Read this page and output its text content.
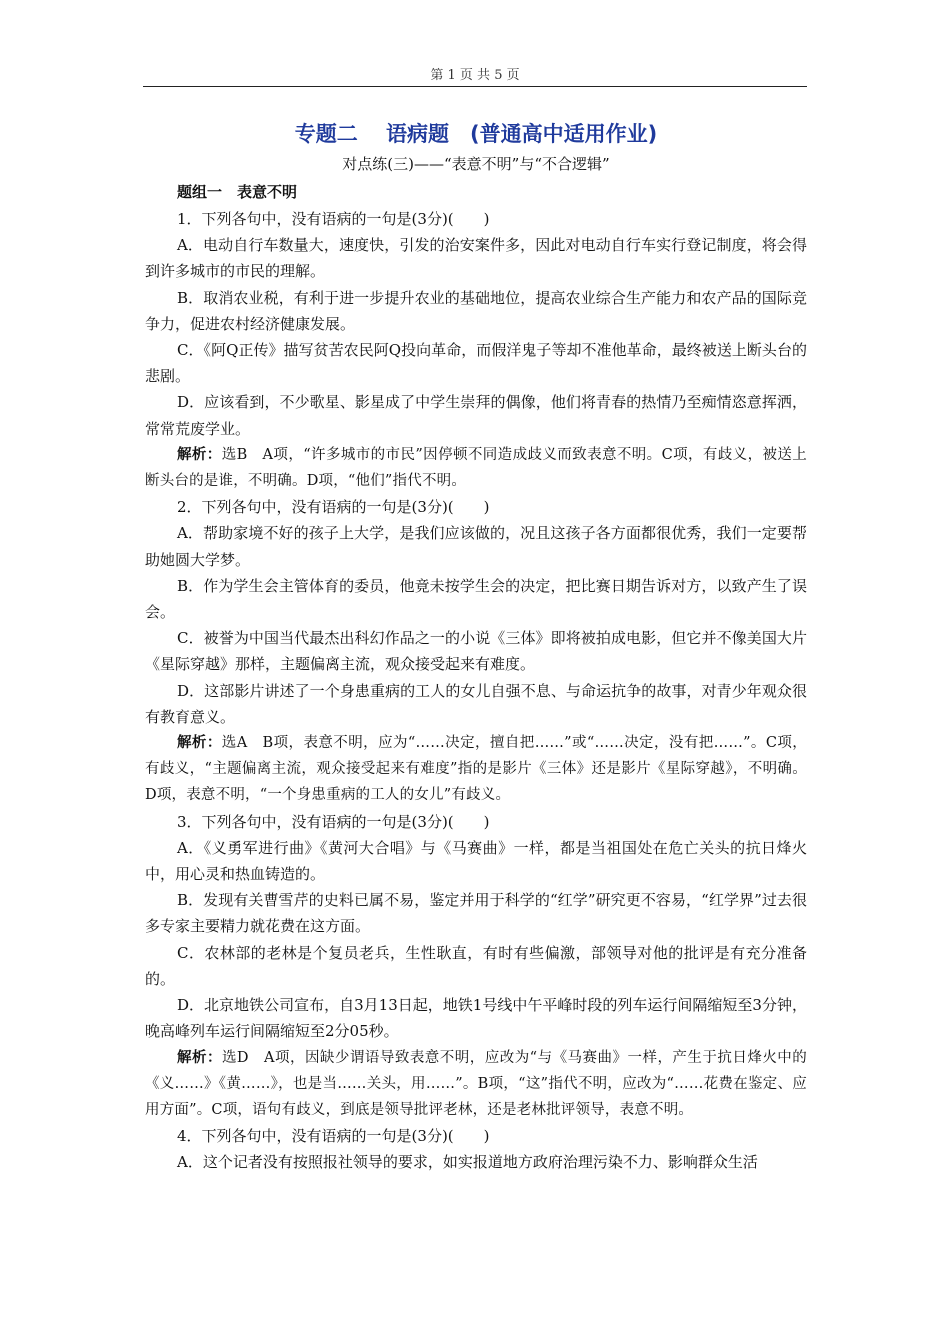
第 1 页 共 5 页
专题二　 语病题　(普通高中适用作业)
对点练(三)——“表意不明”与“不合逻辑”
题组一　表意不明

1．下列各句中，没有语病的一句是(3分)(　　)

A．电动自行车数量大，速度快，引发的治安案件多，因此对电动自行车实行登记制度，将会得到许多城市的市民的理解。

B．取消农业税，有利于进一步提升农业的基础地位，提高农业综合生产能力和农产品的国际竞争力，促进农村经济健康发展。

C．《阿Q正传》描写贫苦农民阿Q投向革命，而假洋鬼子等却不准他革命，最终被送上断头台的悲剧。

D．应该看到，不少歌星、影星成了中学生崇拜的偶像，他们将青春的热情乃至痴情恣意挥洒，常常荒废学业。

解析：选B　A项，“许多城市的市民”因停顿不同造成歧义而致表意不明。C项，有歧义，被送上断头台的是谁，不明确。D项，“他们”指代不明。

2．下列各句中，没有语病的一句是(3分)(　　)

A．帮助家境不好的孩子上大学，是我们应该做的，况且这孩子各方面都很优秀，我们一定要帮助她圆大学梦。

B．作为学生会主管体育的委员，他竟未按学生会的决定，把比赛日期告诉对方，以致产生了误会。

C．被誉为中国当代最杰出科幻作品之一的小说《三体》即将被拍成电影，但它并不像美国大片《星际穿越》那样，主题偏离主流，观众接受起来有难度。

D．这部影片讲述了一个身患重病的工人的女儿自强不息、与命运抗争的故事，对青少年观众很有教育意义。

解析：选A　B项，表意不明，应为“……决定，擅自把……”或“……决定，没有把……”。C项，有歧义，“主题偏离主流，观众接受起来有难度”指的是影片《三体》还是影片《星际穿越》，不明确。D项，表意不明，“一个身患重病的工人的女儿”有歧义。

3．下列各句中，没有语病的一句是(3分)(　　)

A．《义勇军进行曲》《黄河大合唱》与《马赛曲》一样，都是当祖国处在危亡关头的抗日烽火中，用心灵和热血铸造的。

B．发现有关曹雪芹的史料已属不易，鉴定并用于科学的“红学”研究更不容易，“红学界”过去很多专家主要精力就花费在这方面。

C．农林部的老林是个复员老兵，生性耿直，有时有些偏激，部领导对他的批评是有充分准备的。

D．北京地铁公司宣布，自3月13日起，地铁1号线中午平峰时段的列车运行间隔缩短至3分钟，晚高峰列车运行间隔缩短至2分05秒。

解析：选D　A项，因缺少谓语导致表意不明，应改为“与《马赛曲》一样，产生于抗日烽火中的《义……》《黄……》，也是当……关头，用……”。B项，“这”指代不明，应改为“……花费在鉴定、应用方面”。C项，语句有歧义，到底是领导批评老林，还是老林批评领导，表意不明。

4．下列各句中，没有语病的一句是(3分)(　　)

A．这个记者没有按照报社领导的要求，如实报道地方政府治理污染不力、影响群众生活
